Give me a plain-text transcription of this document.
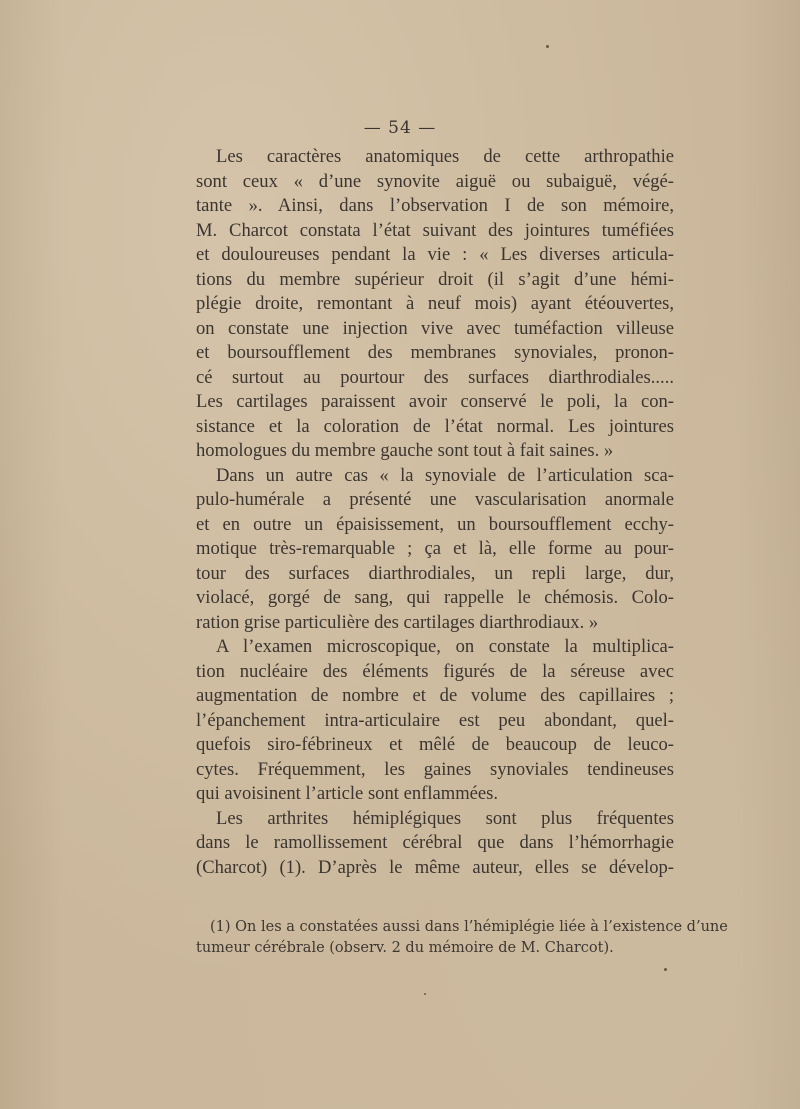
— 54 —
Les caractères anatomiques de cette arthropathie
sont ceux « d’une synovite aiguë ou subaiguë, végé-
tante ». Ainsi, dans l’observation I de son mémoire,
M. Charcot constata l’état suivant des jointures tuméfiées
et douloureuses pendant la vie : « Les diverses articula-
tions du membre supérieur droit (il s’agit d’une hémi-
plégie droite, remontant à neuf mois) ayant étéouvertes,
on constate une injection vive avec tuméfaction villeuse
et boursoufflement des membranes synoviales, pronon-
cé surtout au pourtour des surfaces diarthrodiales.....
Les cartilages paraissent avoir conservé le poli, la con-
sistance et la coloration de l’état normal. Les jointures
homologues du membre gauche sont tout à fait saines. »
Dans un autre cas « la synoviale de l’articulation sca-
pulo-humérale a présenté une vascularisation anormale
et en outre un épaisissement, un boursoufflement ecchy-
motique très-remarquable ; ça et là, elle forme au pour-
tour des surfaces diarthrodiales, un repli large, dur,
violacé, gorgé de sang, qui rappelle le chémosis. Colo-
ration grise particulière des cartilages diarthrodiaux. »
A l’examen microscopique, on constate la multiplica-
tion nucléaire des éléments figurés de la séreuse avec
augmentation de nombre et de volume des capillaires ;
l’épanchement intra-articulaire est peu abondant, quel-
quefois siro-fébrineux et mêlé de beaucoup de leuco-
cytes. Fréquemment, les gaines synoviales tendineuses
qui avoisinent l’article sont enflammées.
Les arthrites hémiplégiques sont plus fréquentes
dans le ramollissement cérébral que dans l’hémorrhagie
(Charcot) (1). D’après le même auteur, elles se dévelop-
(1) On les a constatées aussi dans l’hémiplégie liée à l’existence d’une
tumeur cérébrale (observ. 2 du mémoire de M. Charcot).
